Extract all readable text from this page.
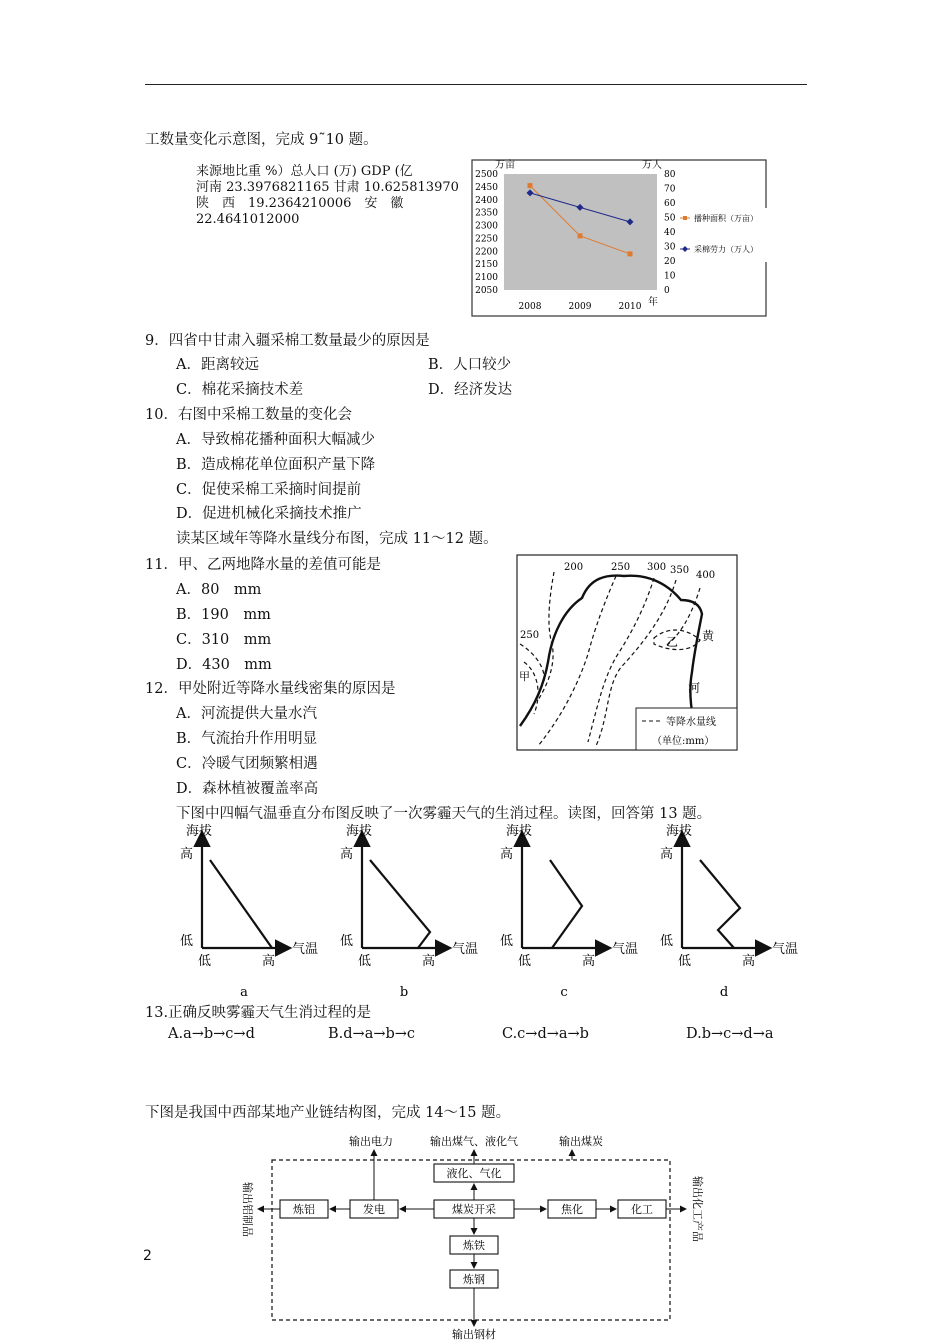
工数量变化示意图，完成 9˜10 题。
来源地比重 %）总人口 (万) GDP (亿
河南 23.3976821165 甘肃 10.625813970
陕　西　19.2364210006　安　徽
22.4641012000
万亩	万人
2500
2450
2400
2350
2300
2250
2200
2150
2100
2050
80
70
60
50
40
30
20
10
0
2008	2009	2010 年
播种面积（万亩）
采棉劳力（万人）
9．四省中甘肃入疆采棉工数量最少的原因是
A．距离较远	B．人口较少
C．棉花采摘技术差	D．经济发达
10．右图中采棉工数量的变化会
A．导致棉花播种面积大幅减少
B．造成棉花单位面积产量下降
C．促使采棉工采摘时间提前
D．促进机械化采摘技术推广
读某区域年等降水量线分布图，完成 11～12 题。
11．甲、乙两地降水量的差值可能是
A．80　mm
B．190　mm
C．310　mm
D．430　mm
12．甲处附近等降水量线密集的原因是
A．河流提供大量水汽
B．气流抬升作用明显
C．冷暖气团频繁相遇
D．森林植被覆盖率高
200	250 300 350 400
250
甲
乙 黄
河
等降水量线
（单位:mm）
下图中四幅气温垂直分布图反映了一次雾霾天气的生消过程。读图，回答第 13 题。
海拔
高
低
低	高
气温
a
海拔
高
低
低	高
气温
b
海拔
高
低
低	高
气温
c
海拔
高
低
低	高
气温
d
13.正确反映雾霾天气生消过程的是
A.a→b→c→d	B.d→a→b→c	C.c→d→a→b	D.b→c→d→a
下图是我国中西部某地产业链结构图，完成 14～15 题。
输出电力	输出煤气、液化气	输出煤炭
输出钢材
输出铝制品	输出化工产品
液化、气化
炼铝	发电	煤炭开采	焦化	化工
炼铁
炼钢
2
